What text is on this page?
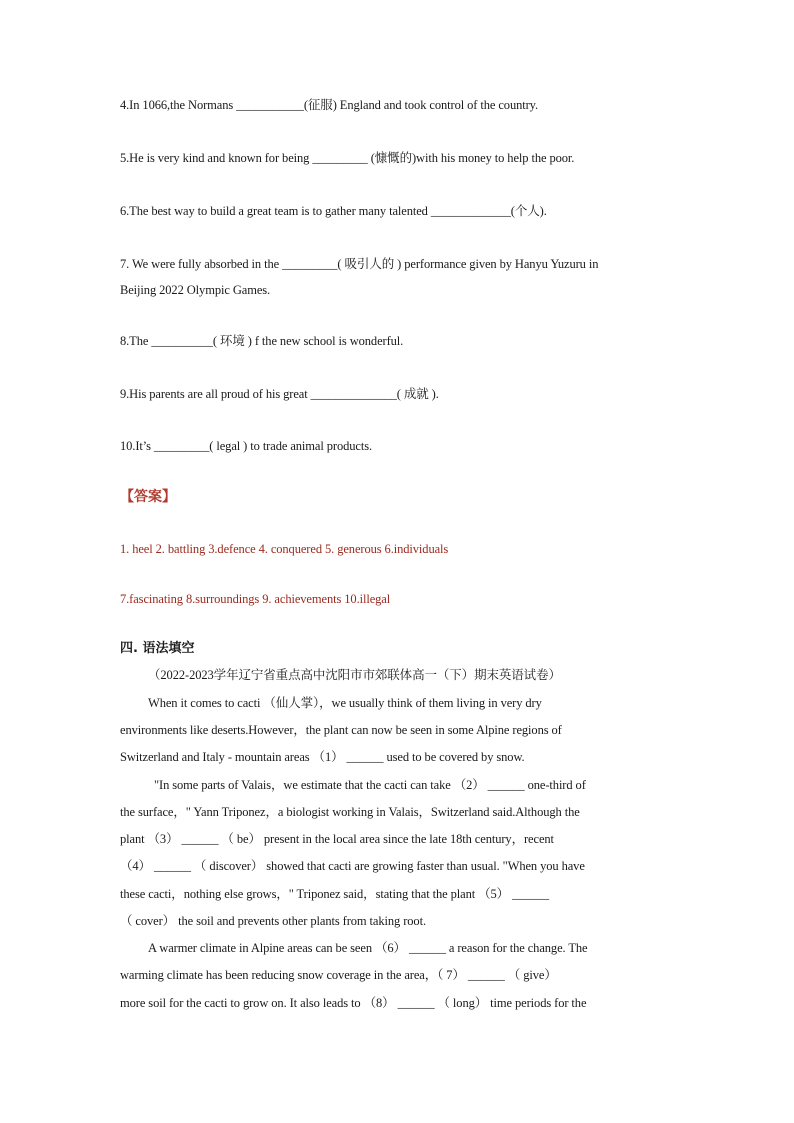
4.In 1066,the Normans ___________(征服) England and took control of the country.
5.He is very kind and known for being _________ (慷慨的)with his money to help the poor.
6.The best way to build a great team is to gather many talented _____________(个人).
7. We were fully absorbed in the _________( 吸引人的 ) performance given by Hanyu Yuzuru in
Beijing 2022 Olympic Games.
8.The __________( 环境 ) f the new school is wonderful.
9.His parents are all proud of his great ______________( 成就 ).
10.It’s _________( legal ) to trade animal products.
【答案】
1. heel 2. battling 3.defence 4. conquered 5. generous 6.individuals
7.fascinating 8.surroundings 9. achievements 10.illegal
四. 语法填空
（2022-2023学年辽宁省重点高中沈阳市市郊联体高一（下）期末英语试卷）
When it comes to cacti （仙人掌），we usually think of them living in very dry
environments like deserts.However，the plant can now be seen in some Alpine regions of
Switzerland and Italy - mountain areas （1） ______ used to be covered by snow.
"In some parts of Valais，we estimate that the cacti can take （2） ______ one-third of
the surface，" Yann Triponez，a biologist working in Valais，Switzerland said.Although the
plant （3） ______ （ be） present in the local area since the late 18th century，recent
（4） ______ （ discover） showed that cacti are growing faster than usual. "When you have
these cacti，nothing else grows，" Triponez said，stating that the plant （5） ______
（ cover） the soil and prevents other plants from taking root.
A warmer climate in Alpine areas can be seen （6） ______ a reason for the change. The
warming climate has been reducing snow coverage in the area，（ 7） ______ （ give）
more soil for the cacti to grow on. It also leads to （8） ______ （ long） time periods for the
